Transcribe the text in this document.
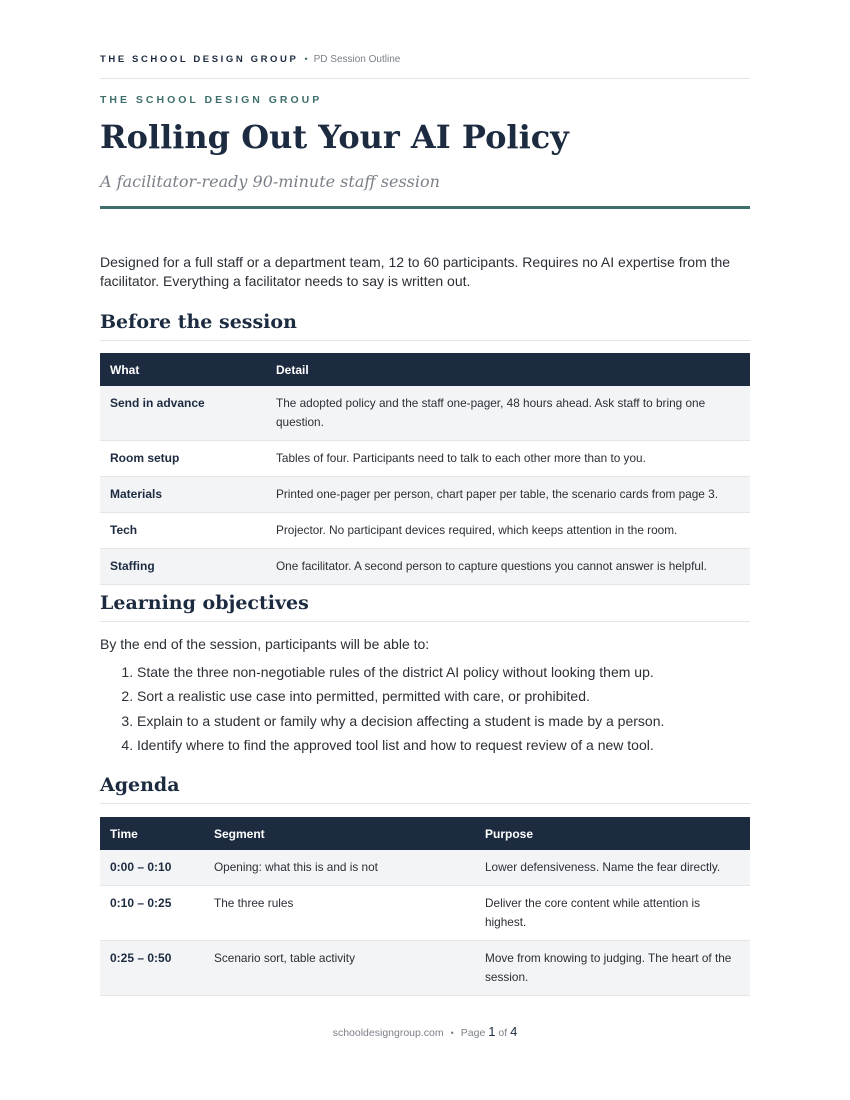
THE SCHOOL DESIGN GROUP • PD Session Outline
THE SCHOOL DESIGN GROUP
Rolling Out Your AI Policy

A facilitator-ready 90-minute staff session

Designed for a full staff or a department team, 12 to 60 participants. Requires no AI expertise from the facilitator. Everything a facilitator needs to say is written out.

Before the session
What	Detail
Send in advance	The adopted policy and the staff one-pager, 48 hours ahead. Ask staff to bring one question.
Room setup	Tables of four. Participants need to talk to each other more than to you.
Materials	Printed one-pager per person, chart paper per table, the scenario cards from page 3.
Tech	Projector. No participant devices required, which keeps attention in the room.
Staffing	One facilitator. A second person to capture questions you cannot answer is helpful.
Learning objectives

By the end of the session, participants will be able to:

1. State the three non-negotiable rules of the district AI policy without looking them up.
2. Sort a realistic use case into permitted, permitted with care, or prohibited.
3. Explain to a student or family why a decision affecting a student is made by a person.
4. Identify where to find the approved tool list and how to request review of a new tool.
Agenda
Time	Segment	Purpose
0:00 – 0:10	Opening: what this is and is not	Lower defensiveness. Name the fear directly.
0:10 – 0:25	The three rules	Deliver the core content while attention is highest.
0:25 – 0:50	Scenario sort, table activity	Move from knowing to judging. The heart of the session.
schooldesigngroup.com • Page 1 of 4
